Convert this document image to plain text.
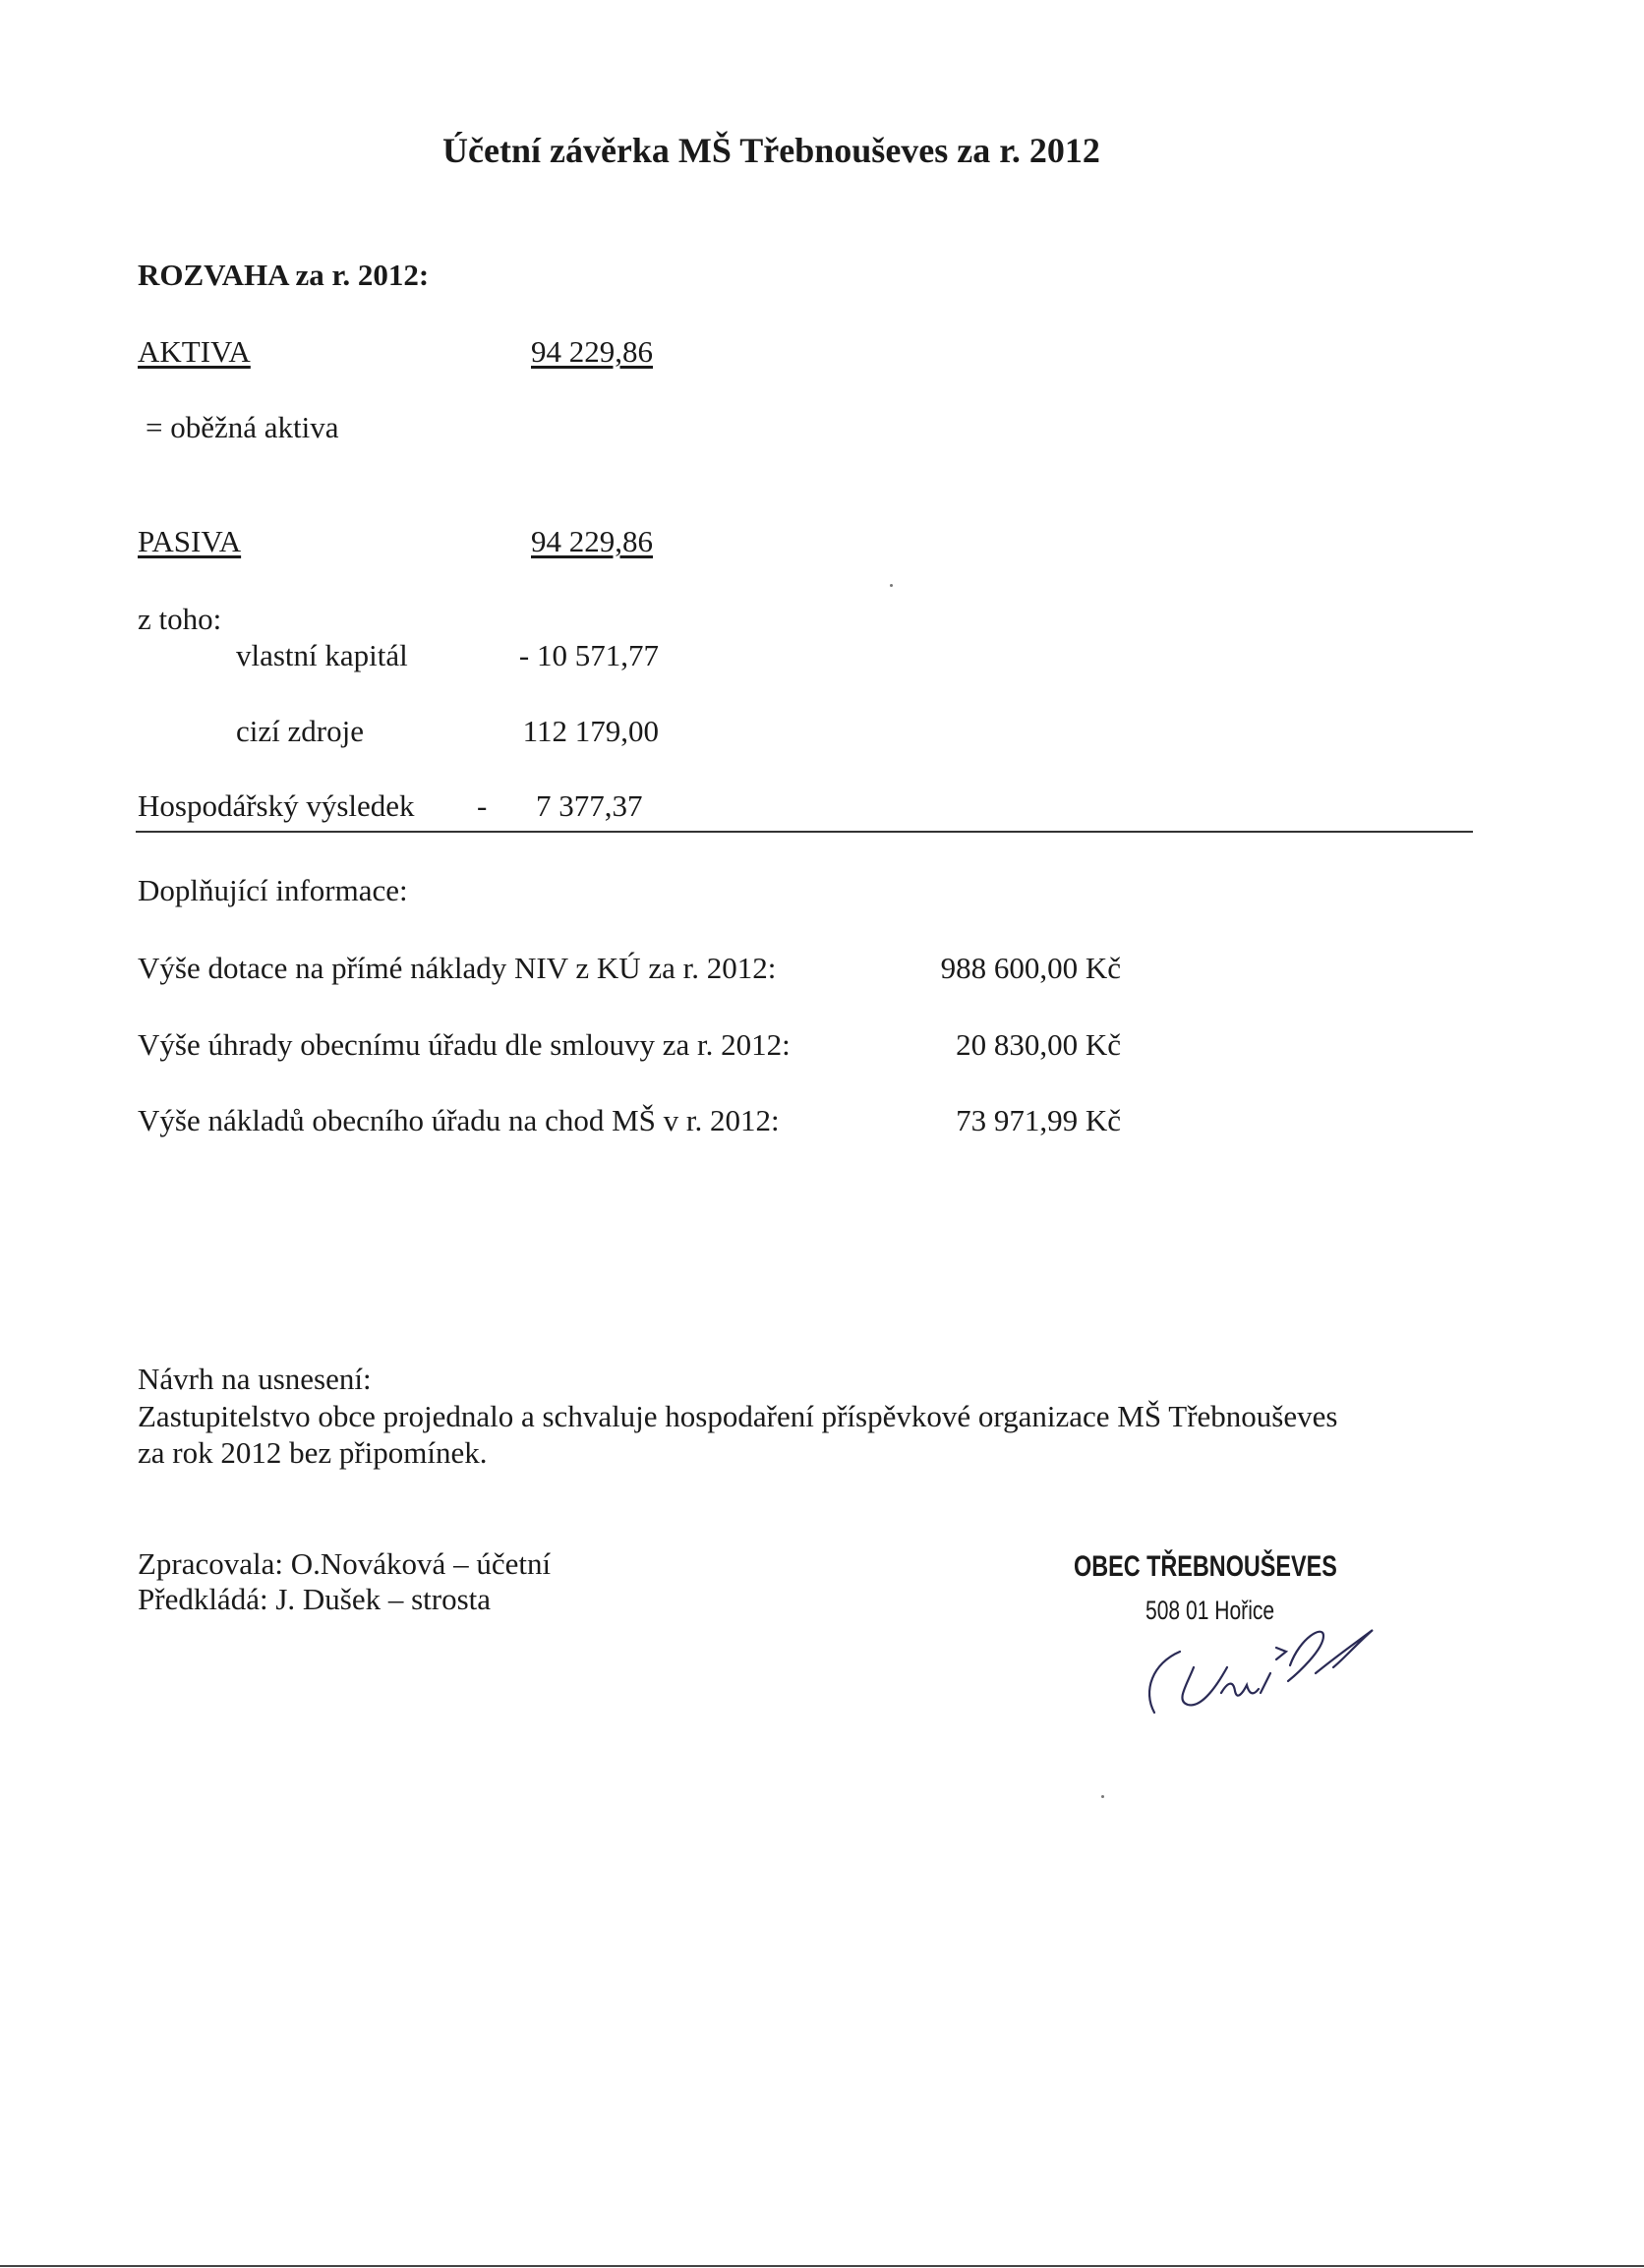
Účetní závěrka MŠ Třebnouševes za r. 2012
ROZVAHA za r. 2012:
AKTIVA	94 229,86
= oběžná aktiva
PASIVA	94 229,86
z toho:
vlastní kapitál	- 10 571,77
cizí zdroje	112 179,00
Hospodářský výsledek - 7 377,37
Doplňující informace:
Výše dotace na přímé náklady NIV z KÚ za r. 2012:	988 600,00 Kč
Výše úhrady obecnímu úřadu dle smlouvy za r. 2012:	20 830,00 Kč
Výše nákladů obecního úřadu na chod MŠ v r. 2012:	73 971,99 Kč
Návrh na usnesení:
Zastupitelstvo obce projednalo a schvaluje hospodaření příspěvkové organizace MŠ Třebnouševes
za rok 2012 bez připomínek.
Zpracovala: O.Nováková – účetní
Předkládá: J. Dušek – strosta
OBEC TŘEBNOUŠEVES
508 01 Hořice
